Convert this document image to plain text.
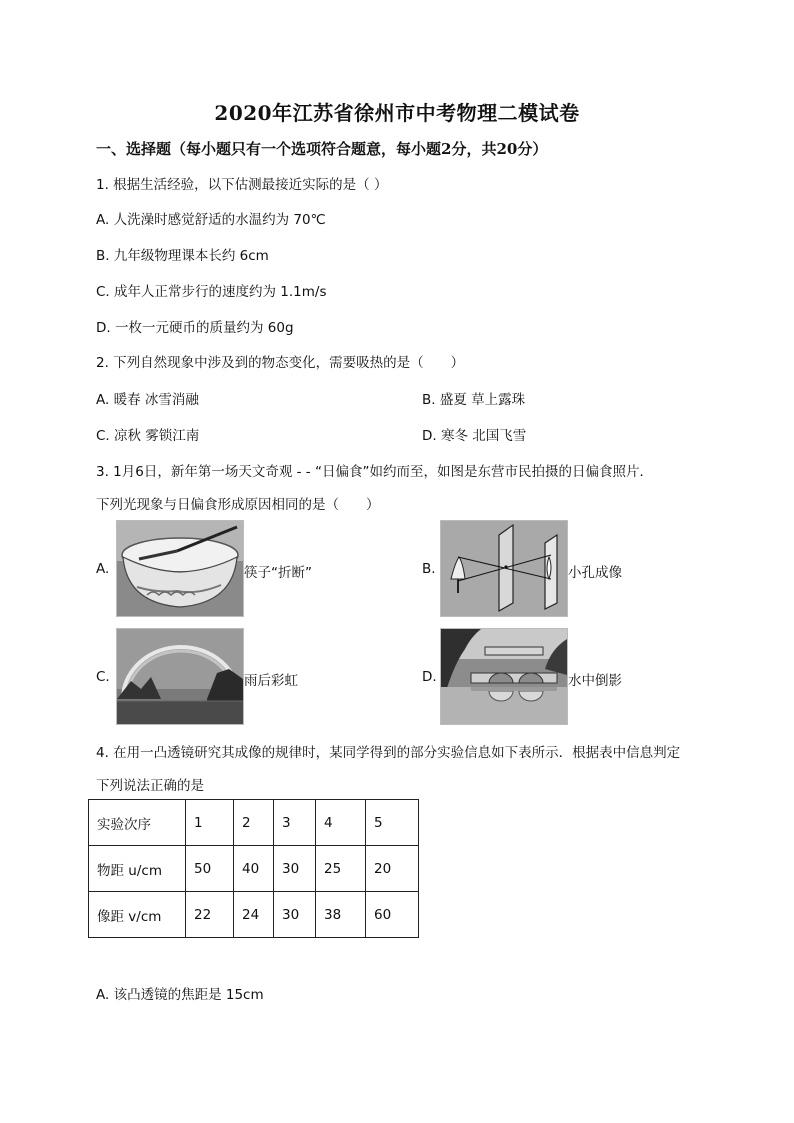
2020年江苏省徐州市中考物理二模试卷
一、选择题（每小题只有一个选项符合题意，每小题2分，共20分）
1. 根据生活经验，以下估测最接近实际的是（ ）
A. 人洗澡时感觉舒适的水温约为 70℃
B. 九年级物理课本长约 6cm
C. 成年人正常步行的速度约为 1.1m/s
D. 一枚一元硬币的质量约为 60g
2. 下列自然现象中涉及到的物态变化，需要吸热的是（　　）
A. 暖春 冰雪消融	B. 盛夏 草上露珠
C. 凉秋 雾锁江南	D. 寒冬 北国飞雪
3. 1月6日，新年第一场天文奇观 - - “日偏食”如约而至，如图是东营市民拍摄的日偏食照片．
下列光现象与日偏食形成原因相同的是（　　）
A.	筷子“折断”	B.	小孔成像
C.	雨后彩虹	D.	水中倒影
4. 在用一凸透镜研究其成像的规律时，某同学得到的部分实验信息如下表所示．根据表中信息判定
下列说法正确的是
实验次序	1	2	3	4	5
物距 u/cm	50	40	30	25	20
像距 v/cm	22	24	30	38	60
A. 该凸透镜的焦距是 15cm
